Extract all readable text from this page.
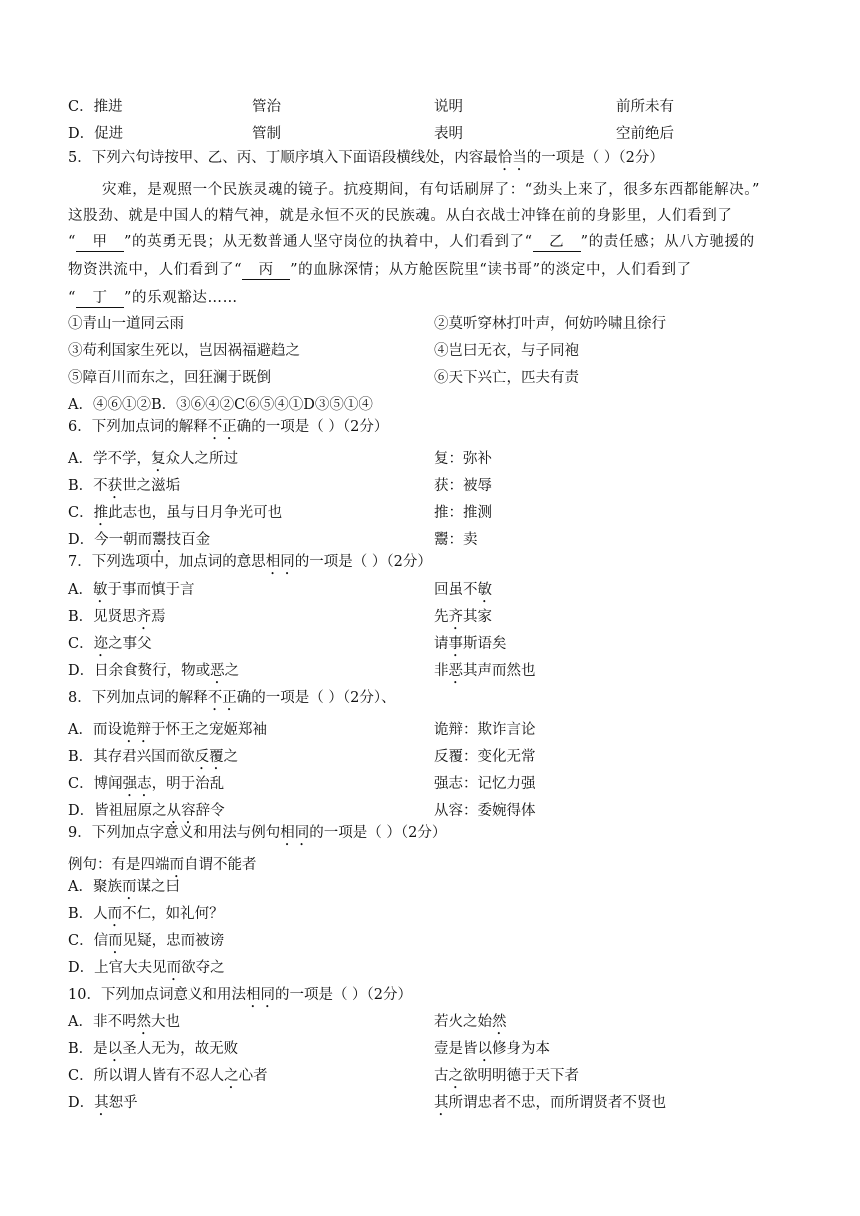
C．推进	管治	说明	前所未有
D．促进	管制	表明	空前绝后
5．下列六句诗按甲、乙、丙、丁顺序填入下面语段横线处，内容最恰当的一项是（ ）（2分）
灾难，是观照一个民族灵魂的镜子。抗疫期间，有句话刷屏了：“劲头上来了，很多东西都能解决。”
这股劲、就是中国人的精气神，就是永恒不灭的民族魂。从白衣战士冲锋在前的身影里，人们看到了
“ 甲 ”的英勇无畏；从无数普通人坚守岗位的执着中，人们看到了“ 乙 ”的责任感；从八方驰援的
物资洪流中，人们看到了“ 丙 ”的血脉深情；从方舱医院里“读书哥”的淡定中，人们看到了
“ 丁 ”的乐观豁达……
①青山一道同云雨	②莫听穿林打叶声，何妨吟啸且徐行
③苟利国家生死以，岂因祸福避趋之	④岂曰无衣，与子同袍
⑤障百川而东之，回狂澜于既倒	⑥天下兴亡，匹夫有责
A．④⑥①②B．③⑥④②C⑥⑤④①D③⑤①④
6．下列加点词的解释不正确的一项是（ ）（2分）
A．学不学，复众人之所过	复：弥补
B．不获世之滋垢	获：被辱
C．推此志也，虽与日月争光可也	推：推测
D．今一朝而鬻技百金	鬻：卖
7．下列选项中，加点词的意思相同的一项是（ ）（2分）
A．敏于事而慎于言	回虽不敏
B．见贤思齐焉	先齐其家
C．迩之事父	请事斯语矣
D．日余食赘行，物或恶之	非恶其声而然也
8．下列加点词的解释不正确的一项是（ ）（2分）、
A．而设诡辩于怀王之宠姬郑袖	诡辩：欺诈言论
B．其存君兴国而欲反覆之	反覆：变化无常
C．博闻强志，明于治乱	强志：记忆力强
D．皆祖屈原之从容辞令	从容：委婉得体
9．下列加点字意义和用法与例句相同的一项是（ ）（2分）
例句：有是四端而自谓不能者
A．聚族而谋之曰
B．人而不仁，如礼何？
C．信而见疑，忠而被谤
D．上官大夫见而欲夺之
10．下列加点词意义和用法相同的一项是（ ）（2分）
A．非不呺然大也	若火之始然
B．是以圣人无为，故无败	壹是皆以修身为本
C．所以谓人皆有不忍人之心者	古之欲明明德于天下者
D．其恕乎	其所谓忠者不忠，而所谓贤者不贤也
